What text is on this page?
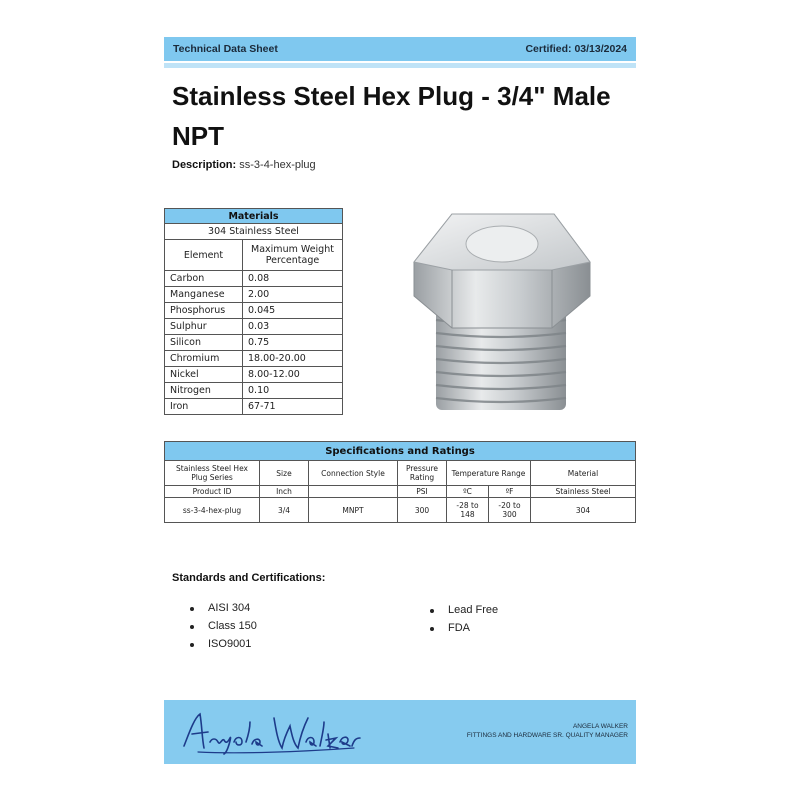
Technical Data Sheet	Certified: 03/13/2024
Stainless Steel Hex Plug - 3/4" Male NPT
Description: ss-3-4-hex-plug
Materials	
304 Stainless Steel	
Element	Maximum Weight Percentage
Carbon	0.08
Manganese	2.00
Phosphorus	0.045
Sulphur	0.03
Silicon	0.75
Chromium	18.00-20.00
Nickel	8.00-12.00
Nitrogen	0.10
Iron	67-71
Specifications and Ratings						
Stainless Steel Hex Plug Series	Size	Connection Style	Pressure Rating	Temperature Range		Material
Product ID	Inch		PSI	ºC	ºF	Stainless Steel
ss-3-4-hex-plug	3/4	MNPT	300	-28 to 148	-20 to 300	304
Standards and Certifications:
AISI 304
Class 150
ISO9001
Lead Free
FDA
ANGELA WALKER
FITTINGS AND HARDWARE SR. QUALITY MANAGER
